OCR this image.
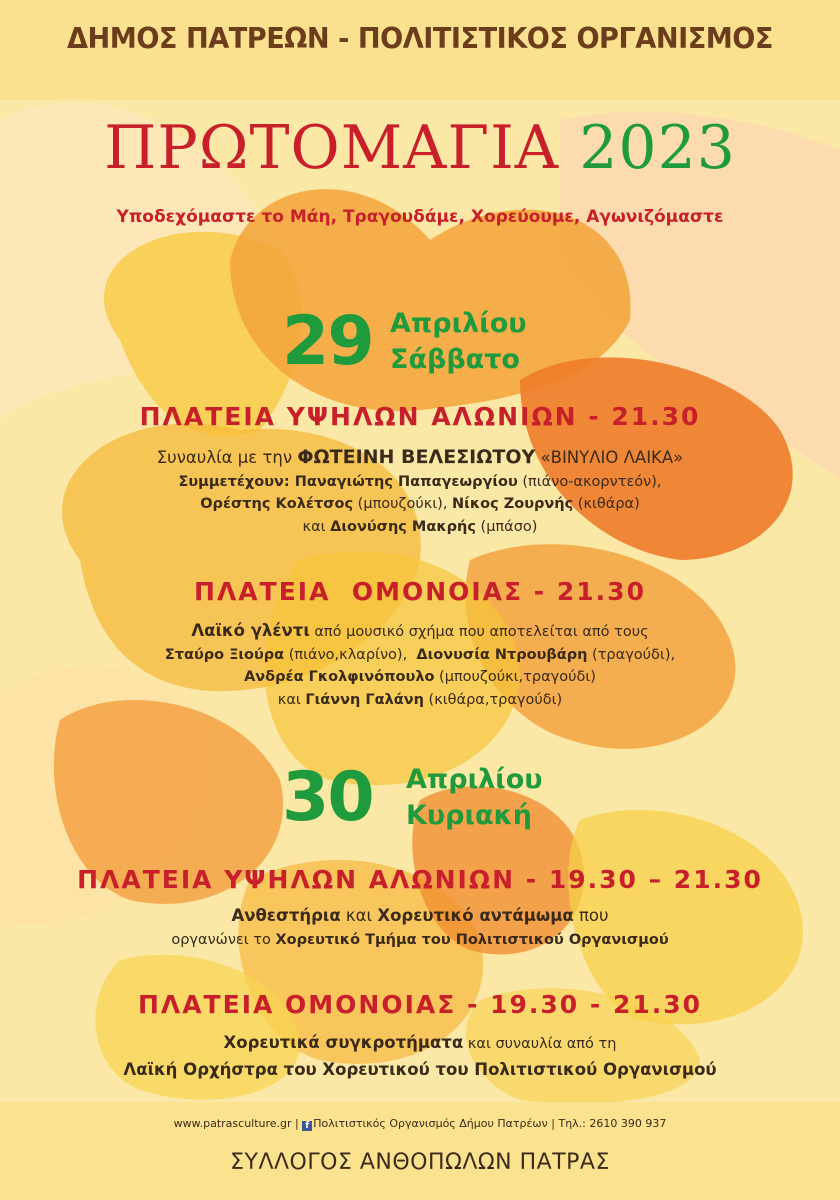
ΔΗΜΟΣ ΠΑΤΡΕΩΝ - ΠΟΛΙΤΙΣΤΙΚΟΣ ΟΡΓΑΝΙΣΜΟΣ
ΠΡΩΤΟΜΑΓΙΑ 2023
Υποδεχόμαστε το Μάη, Τραγουδάμε, Χορεύουμε, Αγωνιζόμαστε
29 Απριλίου
Σάββατο
ΠΛΑΤΕΙΑ ΥΨΗΛΩΝ ΑΛΩΝΙΩΝ - 21.30
Συναυλία με την ΦΩΤΕΙΝΗ ΒΕΛΕΣΙΩΤΟΥ «ΒΙΝΥΛΙΟ ΛΑΙΚΑ»
Συμμετέχουν: Παναγιώτης Παπαγεωργίου (πιάνο-ακορντεόν),
Ορέστης Κολέτσος (μπουζούκι), Νίκος Ζουρνής (κιθάρα)
και Διονύσης Μακρής (μπάσο)
ΠΛΑΤΕΙΑ  ΟΜΟΝΟΙΑΣ - 21.30
Λαϊκό γλέντι από μουσικό σχήμα που αποτελείται από τους
Σταύρο Ξιούρα (πιάνο,κλαρίνο),  Διονυσία Ντρουβάρη (τραγούδι),
Ανδρέα Γκολφινόπουλο (μπουζούκι,τραγούδι)
και Γιάννη Γαλάνη (κιθάρα,τραγούδι)
30 Απριλίου
Κυριακή
ΠΛΑΤΕΙΑ ΥΨΗΛΩΝ ΑΛΩΝΙΩΝ - 19.30 – 21.30
Ανθεστήρια και Χορευτικό αντάμωμα που
οργανώνει το Χορευτικό Τμήμα του Πολιτιστικού Οργανισμού
ΠΛΑΤΕΙΑ ΟΜΟΝΟΙΑΣ - 19.30 - 21.30
Χορευτικά συγκροτήματα και συναυλία από τη
Λαϊκή Ορχήστρα του Χορευτικού του Πολιτιστικού Οργανισμού
www.patrasculture.gr | f Πολιτιστικός Οργανισμός Δήμου Πατρέων | Τηλ.: 2610 390 937
ΣΥΛΛΟΓΟΣ ΑΝΘΟΠΩΛΩΝ ΠΑΤΡΑΣ
